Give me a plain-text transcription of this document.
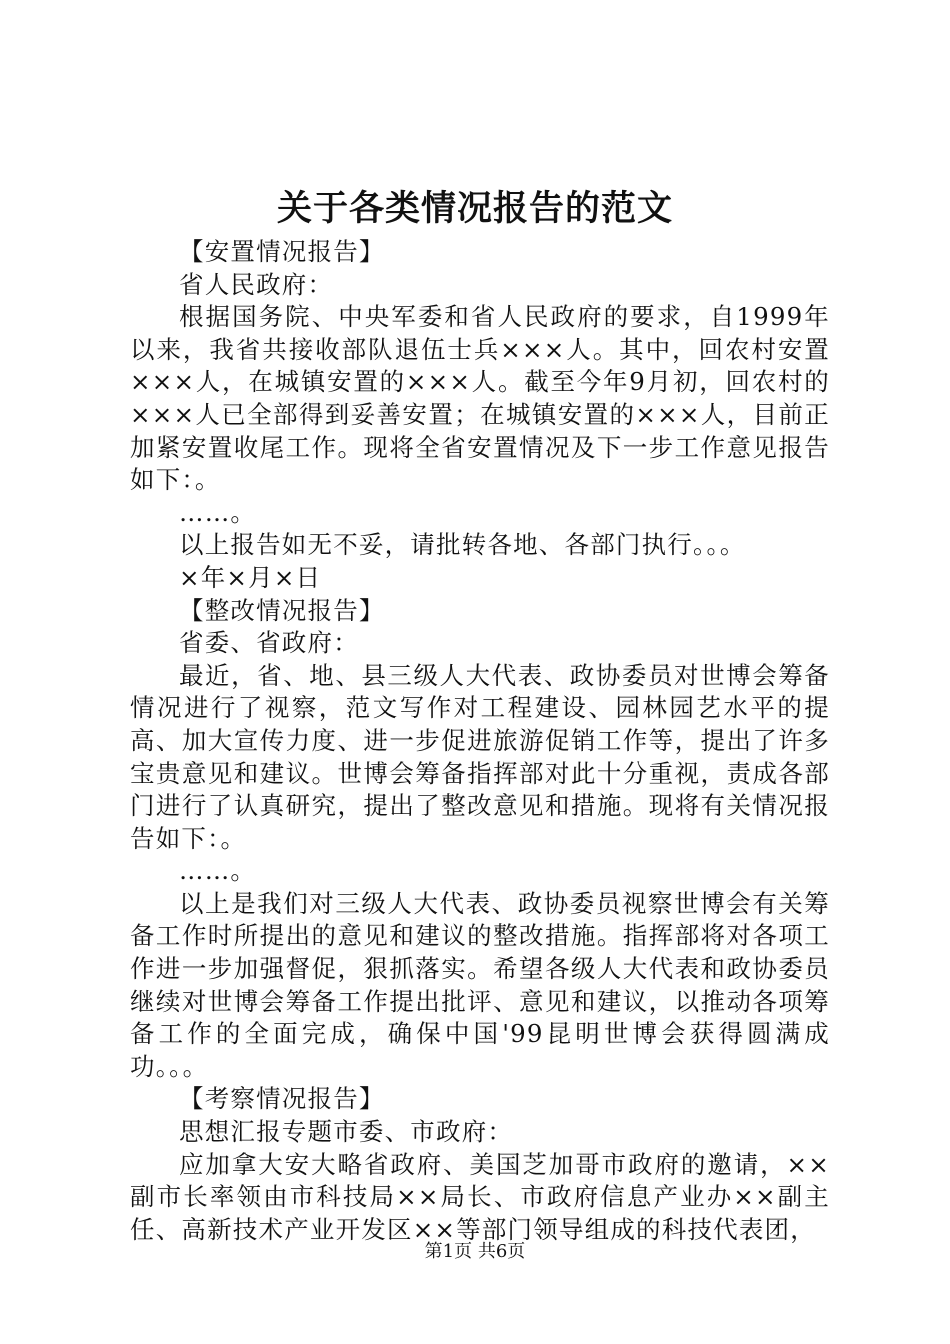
关于各类情况报告的范文

【安置情况报告】

省人民政府：

根据国务院、中央军委和省人民政府的要求，自1999年以来，我省共接收部队退伍士兵×××人。其中，回农村安置×××人，在城镇安置的×××人。截至今年9月初，回农村的×××人已全部得到妥善安置；在城镇安置的×××人，目前正加紧安置收尾工作。现将全省安置情况及下一步工作意见报告如下：。

……。

以上报告如无不妥，请批转各地、各部门执行。。。

×年×月×日

【整改情况报告】

省委、省政府：

最近，省、地、县三级人大代表、政协委员对世博会筹备情况进行了视察，范文写作对工程建设、园林园艺水平的提高、加大宣传力度、进一步促进旅游促销工作等，提出了许多宝贵意见和建议。世博会筹备指挥部对此十分重视，责成各部门进行了认真研究，提出了整改意见和措施。现将有关情况报告如下：。

……。

以上是我们对三级人大代表、政协委员视察世博会有关筹备工作时所提出的意见和建议的整改措施。指挥部将对各项工作进一步加强督促，狠抓落实。希望各级人大代表和政协委员继续对世博会筹备工作提出批评、意见和建议，以推动各项筹备工作的全面完成，确保中国'99昆明世博会获得圆满成功。。。

【考察情况报告】

思想汇报专题市委、市政府：

应加拿大安大略省政府、美国芝加哥市政府的邀请，××副市长率领由市科技局××局长、市政府信息产业办××副主任、高新技术产业开发区××等部门领导组成的科技代表团，

第1页 共6页
